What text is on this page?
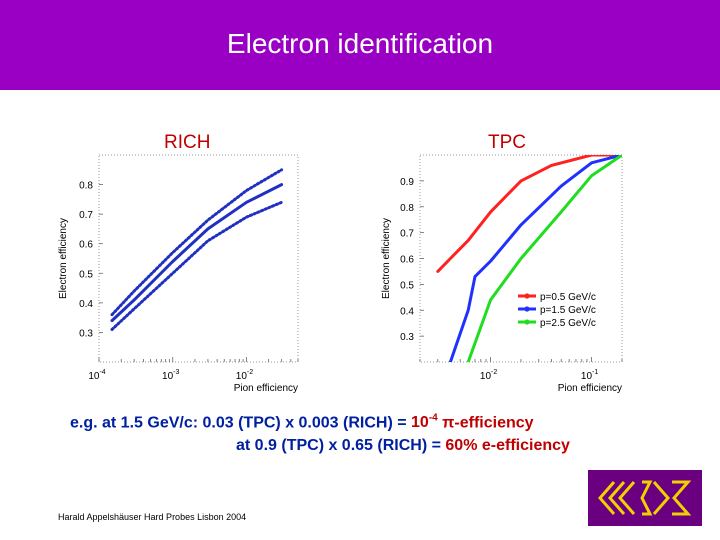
Electron identification
RICH	TPC
$10^{-4}$	$10^{-3}$	$10^{-2}$
0.3
0.4
0.5
0.6
0.7
0.8
Pion efficiency
Electron efficiency
$10^{-2}$	$10^{-1}$
0.3
0.4
0.5
0.6
0.7
0.8
0.9
Pion efficiency
Electron efficiency	p=0.5 GeV/c
p=1.5 GeV/c
p=2.5 GeV/c
e.g. at 1.5 GeV/c: 0.03 (TPC) x 0.003 (RICH) = $10^{-4}$ π-efficiency
at 0.9 (TPC) x 0.65 (RICH) = 60% e-efficiency
Harald Appelshäuser Hard Probes Lisbon 2004
